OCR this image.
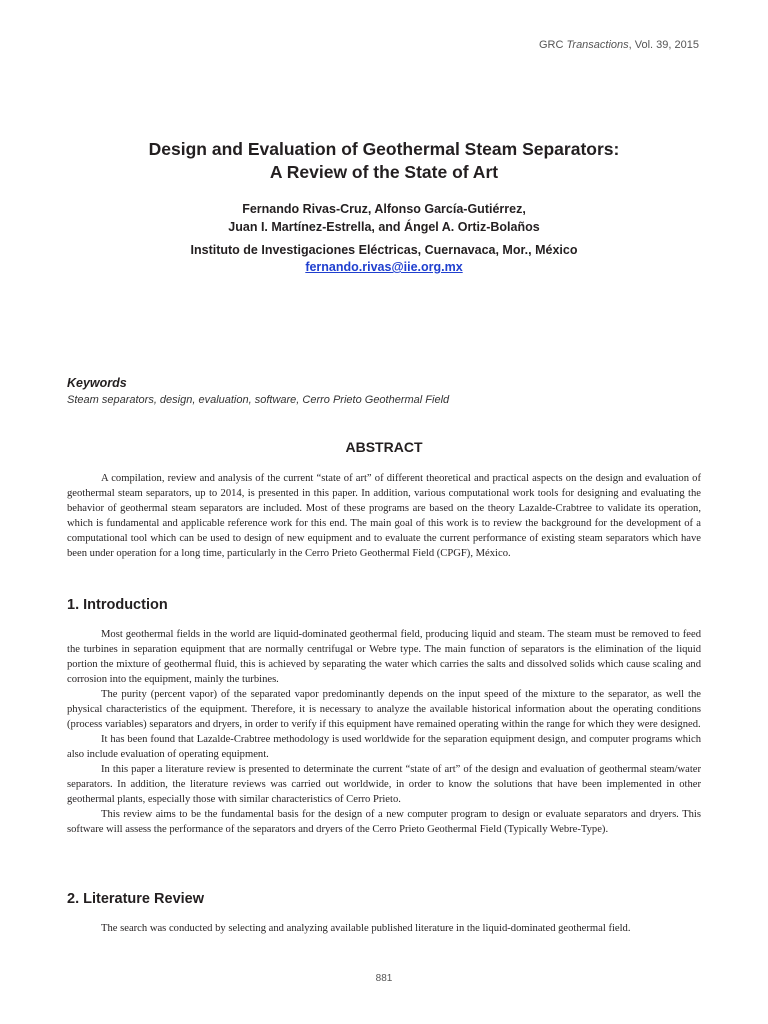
GRC Transactions, Vol. 39, 2015
Design and Evaluation of Geothermal Steam Separators:
A Review of the State of Art
Fernando Rivas-Cruz, Alfonso García-Gutiérrez,
Juan I. Martínez-Estrella, and Ángel A. Ortiz-Bolaños
Instituto de Investigaciones Eléctricas, Cuernavaca, Mor., México
fernando.rivas@iie.org.mx

Keywords

Steam separators, design, evaluation, software, Cerro Prieto Geothermal Field
ABSTRACT

A compilation, review and analysis of the current “state of art” of different theoretical and practical aspects on the design and evaluation of geothermal steam separators, up to 2014, is presented in this paper. In addition, various computational work tools for designing and evaluating the behavior of geothermal steam separators are included. Most of these programs are based on the theory Lazalde-Crabtree to validate its operation, which is fundamental and applicable reference work for this end. The main goal of this work is to review the background for the development of a computational tool which can be used to design of new equipment and to evaluate the current performance of existing steam separators which have been under operation for a long time, particularly in the Cerro Prieto Geothermal Field (CPGF), México.

1. Introduction

Most geothermal fields in the world are liquid-dominated geothermal field, producing liquid and steam. The steam must be removed to feed the turbines in separation equipment that are normally centrifugal or Webre type. The main function of separators is the elimination of the liquid portion the mixture of geothermal fluid, this is achieved by separating the water which carries the salts and dissolved solids which cause scaling and corrosion into the equipment, mainly the turbines.

The purity (percent vapor) of the separated vapor predominantly depends on the input speed of the mixture to the separator, as well the physical characteristics of the equipment. Therefore, it is necessary to analyze the available historical information about the operating conditions (process variables) separators and dryers, in order to verify if this equipment have remained operating within the range for which they were designed.

It has been found that Lazalde-Crabtree methodology is used worldwide for the separation equipment design, and computer programs which also include evaluation of operating equipment.

In this paper a literature review is presented to determinate the current “state of art” of the design and evaluation of geothermal steam/water separators. In addition, the literature reviews was carried out worldwide, in order to know the solutions that have been implemented in other geothermal plants, especially those with similar characteristics of Cerro Prieto.

This review aims to be the fundamental basis for the design of a new computer program to design or evaluate separators and dryers. This software will assess the performance of the separators and dryers of the Cerro Prieto Geothermal Field (Typically Webre-Type).

2. Literature Review

The search was conducted by selecting and analyzing available published literature in the liquid-dominated geothermal field.

881
